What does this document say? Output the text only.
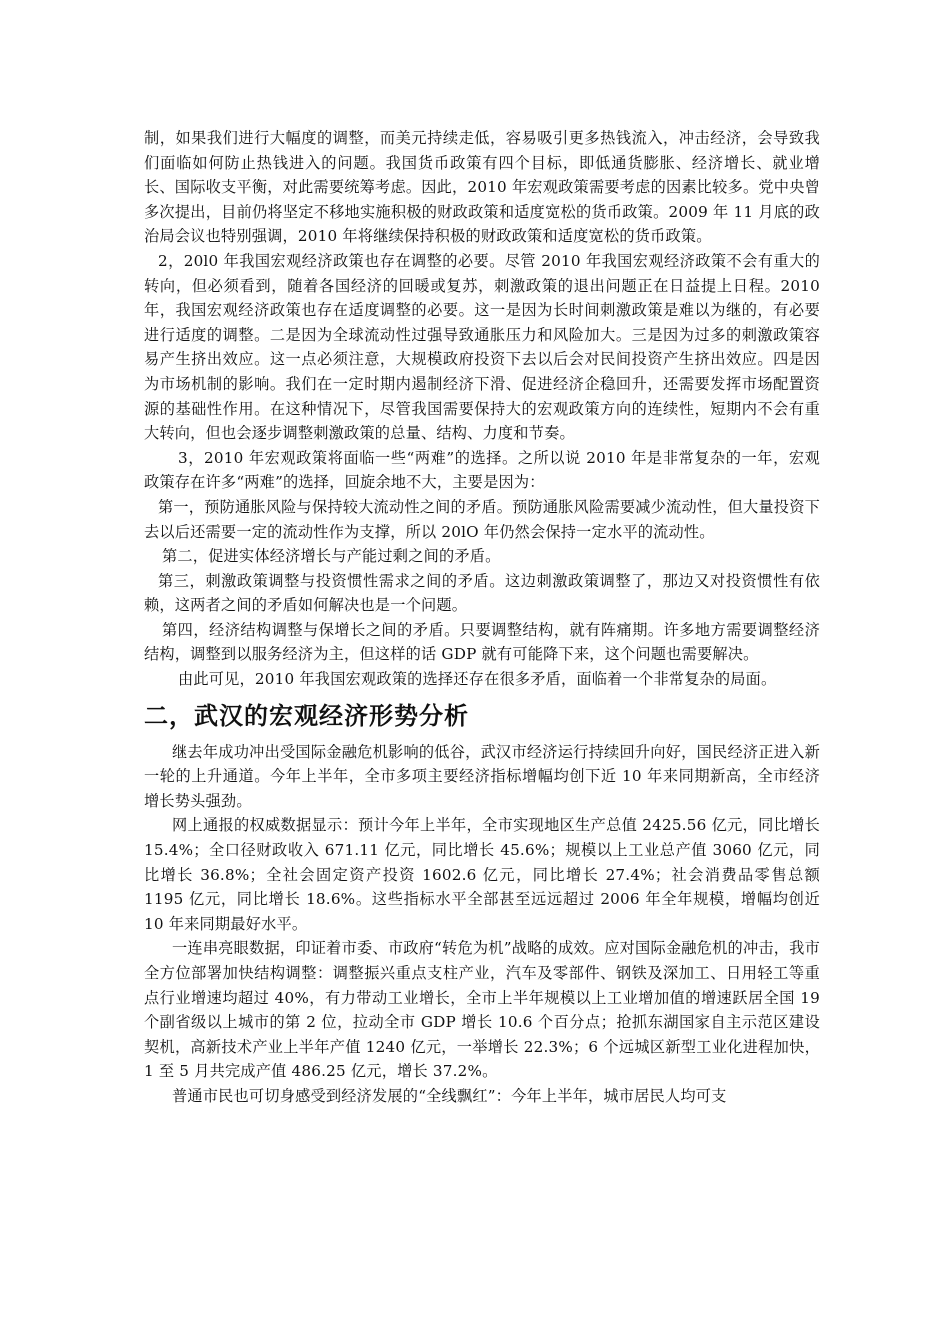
制，如果我们进行大幅度的调整，而美元持续走低，容易吸引更多热钱流入，冲击经济，会导致我们面临如何防止热钱进入的问题。我国货币政策有四个目标，即低通货膨胀、经济增长、就业增长、国际收支平衡，对此需要统筹考虑。因此，2010 年宏观政策需要考虑的因素比较多。党中央曾多次提出，目前仍将坚定不移地实施积极的财政政策和适度宽松的货币政策。2009 年 11 月底的政治局会议也特别强调，2010 年将继续保持积极的财政政策和适度宽松的货币政策。

2，20l0 年我国宏观经济政策也存在调整的必要。尽管 2010 年我国宏观经济政策不会有重大的转向，但必须看到，随着各国经济的回暖或复苏，刺激政策的退出问题正在日益提上日程。2010 年，我国宏观经济政策也存在适度调整的必要。这一是因为长时间刺激政策是难以为继的，有必要进行适度的调整。二是因为全球流动性过强导致通胀压力和风险加大。三是因为过多的刺激政策容易产生挤出效应。这一点必须注意，大规模政府投资下去以后会对民间投资产生挤出效应。四是因为市场机制的影响。我们在一定时期内遏制经济下滑、促进经济企稳回升，还需要发挥市场配置资源的基础性作用。在这种情况下，尽管我国需要保持大的宏观政策方向的连续性，短期内不会有重大转向，但也会逐步调整刺激政策的总量、结构、力度和节奏。

3，2010 年宏观政策将面临一些“两难”的选择。之所以说 2010 年是非常复杂的一年，宏观政策存在许多“两难”的选择，回旋余地不大，主要是因为：

第一，预防通胀风险与保持较大流动性之间的矛盾。预防通胀风险需要减少流动性，但大量投资下去以后还需要一定的流动性作为支撑，所以 20lO 年仍然会保持一定水平的流动性。

第二，促进实体经济增长与产能过剩之间的矛盾。

第三，刺激政策调整与投资惯性需求之间的矛盾。这边刺激政策调整了，那边又对投资惯性有依赖，这两者之间的矛盾如何解决也是一个问题。

第四，经济结构调整与保增长之间的矛盾。只要调整结构，就有阵痛期。许多地方需要调整经济结构，调整到以服务经济为主，但这样的话 GDP 就有可能降下来，这个问题也需要解决。

由此可见，2010 年我国宏观政策的选择还存在很多矛盾，面临着一个非常复杂的局面。

二，武汉的宏观经济形势分析

继去年成功冲出受国际金融危机影响的低谷，武汉市经济运行持续回升向好，国民经济正进入新一轮的上升通道。今年上半年，全市多项主要经济指标增幅均创下近 10 年来同期新高，全市经济增长势头强劲。

网上通报的权威数据显示：预计今年上半年，全市实现地区生产总值 2425.56 亿元，同比增长 15.4%；全口径财政收入 671.11 亿元，同比增长 45.6%；规模以上工业总产值 3060 亿元，同比增长 36.8%；全社会固定资产投资 1602.6 亿元，同比增长 27.4%；社会消费品零售总额 1195 亿元，同比增长 18.6%。这些指标水平全部甚至远远超过 2006 年全年规模，增幅均创近 10 年来同期最好水平。

一连串亮眼数据，印证着市委、市政府“转危为机”战略的成效。应对国际金融危机的冲击，我市全方位部署加快结构调整：调整振兴重点支柱产业，汽车及零部件、钢铁及深加工、日用轻工等重点行业增速均超过 40%，有力带动工业增长，全市上半年规模以上工业增加值的增速跃居全国 19 个副省级以上城市的第 2 位，拉动全市 GDP 增长 10.6 个百分点；抢抓东湖国家自主示范区建设契机，高新技术产业上半年产值 1240 亿元，一举增长 22.3%；6 个远城区新型工业化进程加快，1 至 5 月共完成产值 486.25 亿元，增长 37.2%。

普通市民也可切身感受到经济发展的“全线飘红”：今年上半年，城市居民人均可支
